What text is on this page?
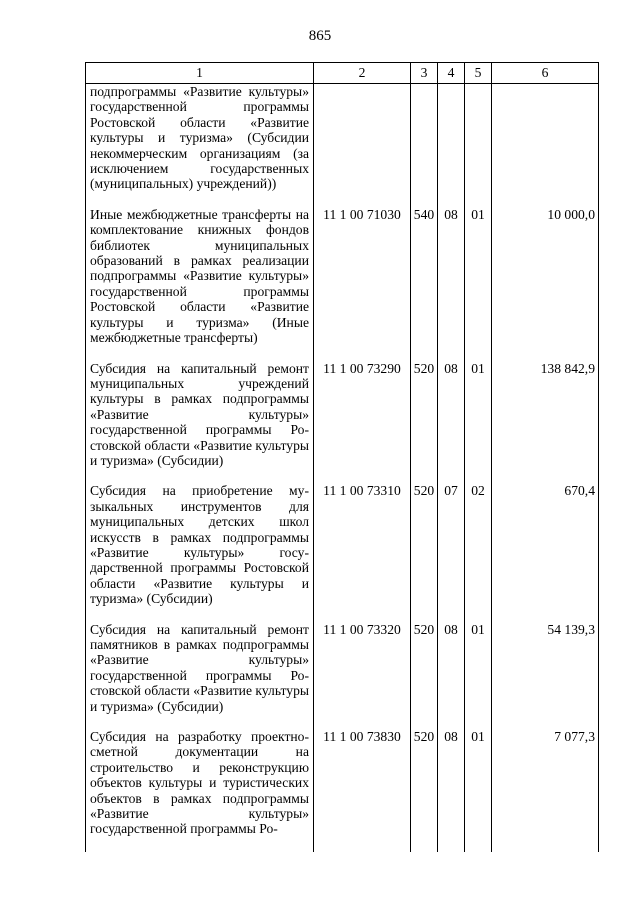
865
1	2	3	4	5	6
подпрограммы «Развитие культуры» государственной программы Ростовской области «Развитие культуры и туризма» (Субсидии некоммерческим организациям (за исключением государственных (муниципальных) учреждений))					
Иные межбюджетные трансферты на комплектование книжных фондов библиотек муниципальных образований в рамках реализации подпрограммы «Развитие культуры» государственной программы Ростовской области «Развитие культуры и туризма» (Иные межбюджетные трансферты)	11 1 00 71030	540	08	01	10 000,0
Субсидия на капитальный ремонт муниципальных учреждений культуры в рамках подпрограммы «Развитие культуры» государственной программы Ростовской области «Развитие культуры и туризма» (Субсидии)	11 1 00 73290	520	08	01	138 842,9
Субсидия на приобретение музыкальных инструментов для муниципальных детских школ искусств в рамках подпрограммы «Развитие культуры» государственной программы Ростовской области «Развитие культуры и туризма» (Субсидии)	11 1 00 73310	520	07	02	670,4
Субсидия на капитальный ремонт памятников в рамках подпрограммы «Развитие культуры» государственной программы Ростовской области «Развитие культуры и туризма» (Субсидии)	11 1 00 73320	520	08	01	54 139,3
Субсидия на разработку проектно-сметной документации на строительство и реконструкцию объектов культуры и туристических объектов в рамках подпрограммы «Развитие культуры» государственной программы Ро-	11 1 00 73830	520	08	01	7 077,3
